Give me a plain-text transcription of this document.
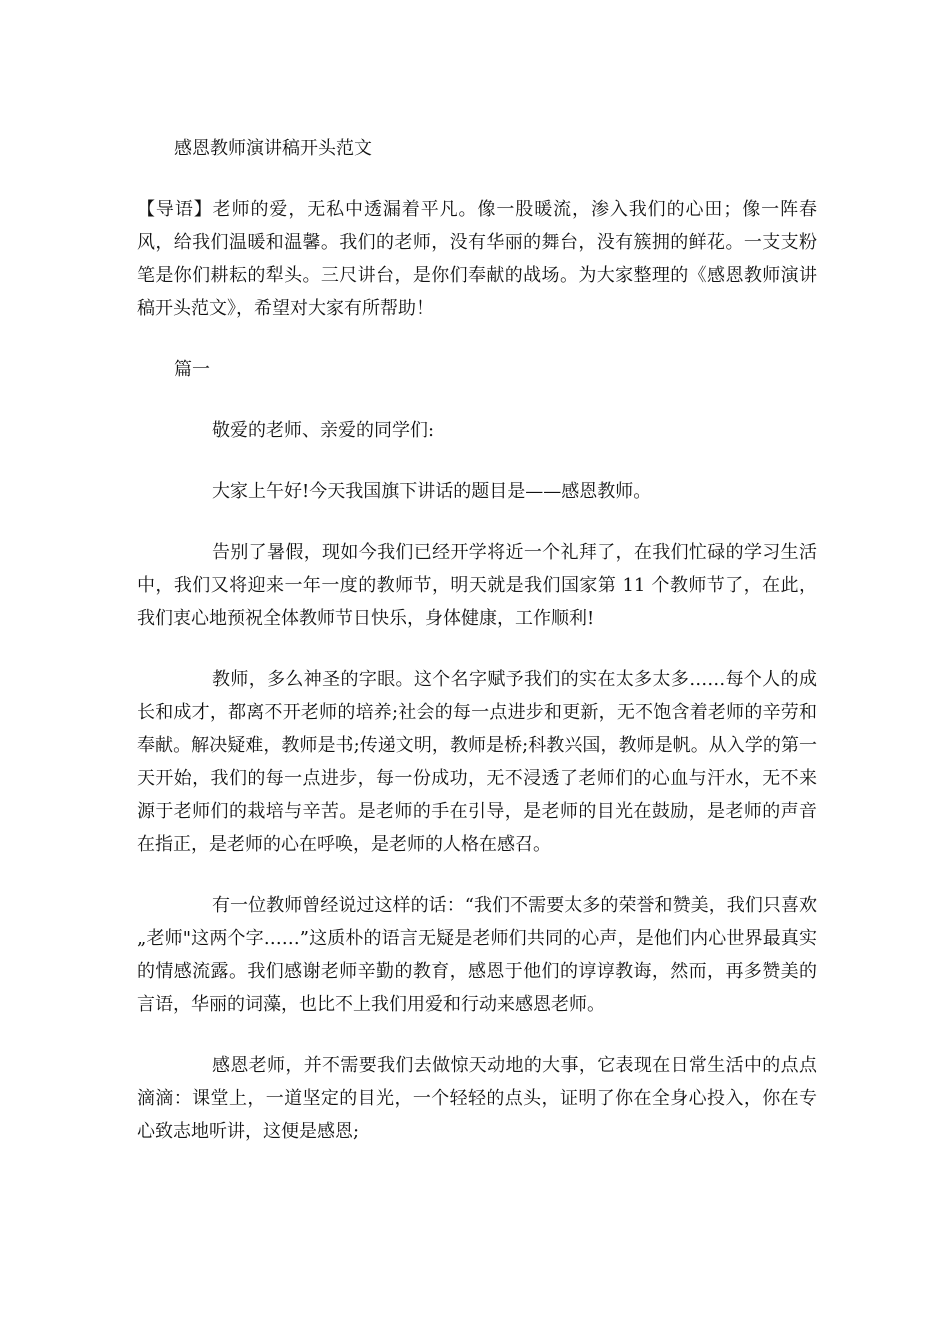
感恩教师演讲稿开头范文

【导语】老师的爱，无私中透漏着平凡。像一股暖流，渗入我们的心田；像一阵春风，给我们温暖和温馨。我们的老师，没有华丽的舞台，没有簇拥的鲜花。一支支粉笔是你们耕耘的犁头。三尺讲台，是你们奉献的战场。为大家整理的《感恩教师演讲稿开头范文》，希望对大家有所帮助！

篇一

敬爱的老师、亲爱的同学们:

大家上午好!今天我国旗下讲话的题目是——感恩教师。

告别了暑假，现如今我们已经开学将近一个礼拜了，在我们忙碌的学习生活中，我们又将迎来一年一度的教师节，明天就是我们国家第 11 个教师节了，在此，我们衷心地预祝全体教师节日快乐，身体健康，工作顺利!

教师，多么神圣的字眼。这个名字赋予我们的实在太多太多……每个人的成长和成才，都离不开老师的培养;社会的每一点进步和更新，无不饱含着老师的辛劳和奉献。解决疑难，教师是书;传递文明，教师是桥;科教兴国，教师是帆。从入学的第一天开始，我们的每一点进步，每一份成功，无不浸透了老师们的心血与汗水，无不来源于老师们的栽培与辛苦。是老师的手在引导，是老师的目光在鼓励，是老师的声音在指正，是老师的心在呼唤，是老师的人格在感召。

有一位教师曾经说过这样的话：“我们不需要太多的荣誉和赞美，我们只喜欢„老师"这两个字……”这质朴的语言无疑是老师们共同的心声，是他们内心世界最真实的情感流露。我们感谢老师辛勤的教育，感恩于他们的谆谆教诲，然而，再多赞美的言语，华丽的词藻，也比不上我们用爱和行动来感恩老师。

感恩老师，并不需要我们去做惊天动地的大事，它表现在日常生活中的点点滴滴：课堂上，一道坚定的目光，一个轻轻的点头，证明了你在全身心投入，你在专心致志地听讲，这便是感恩;
